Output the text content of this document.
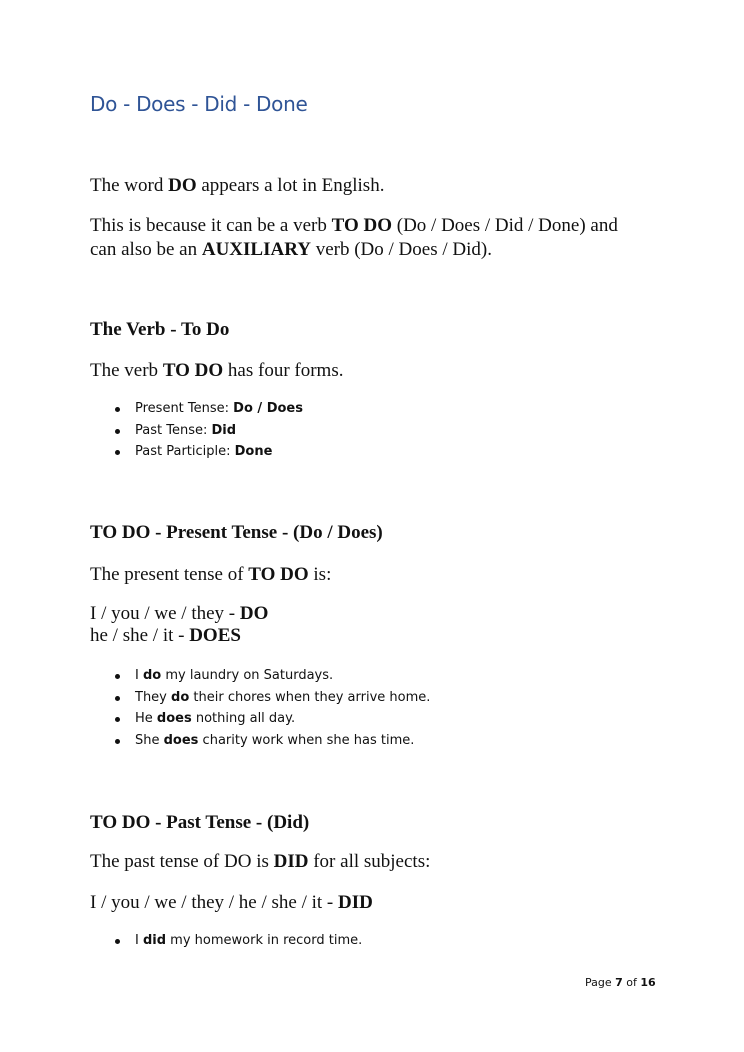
Do - Does - Did - Done

The word DO appears a lot in English.

This is because it can be a verb TO DO (Do / Does / Did / Done) and
can also be an AUXILIARY verb (Do / Does / Did).

The Verb - To Do

The verb TO DO has four forms.

Present Tense: Do / Does
Past Tense: Did
Past Participle: Done
TO DO - Present Tense - (Do / Does)

The present tense of TO DO is:

I / you / we / they - DO
he / she / it - DOES

I do my laundry on Saturdays.
They do their chores when they arrive home.
He does nothing all day.
She does charity work when she has time.
TO DO - Past Tense - (Did)

The past tense of DO is DID for all subjects:

I / you / we / they / he / she / it - DID

I did my homework in record time.
Page 7 of 16
